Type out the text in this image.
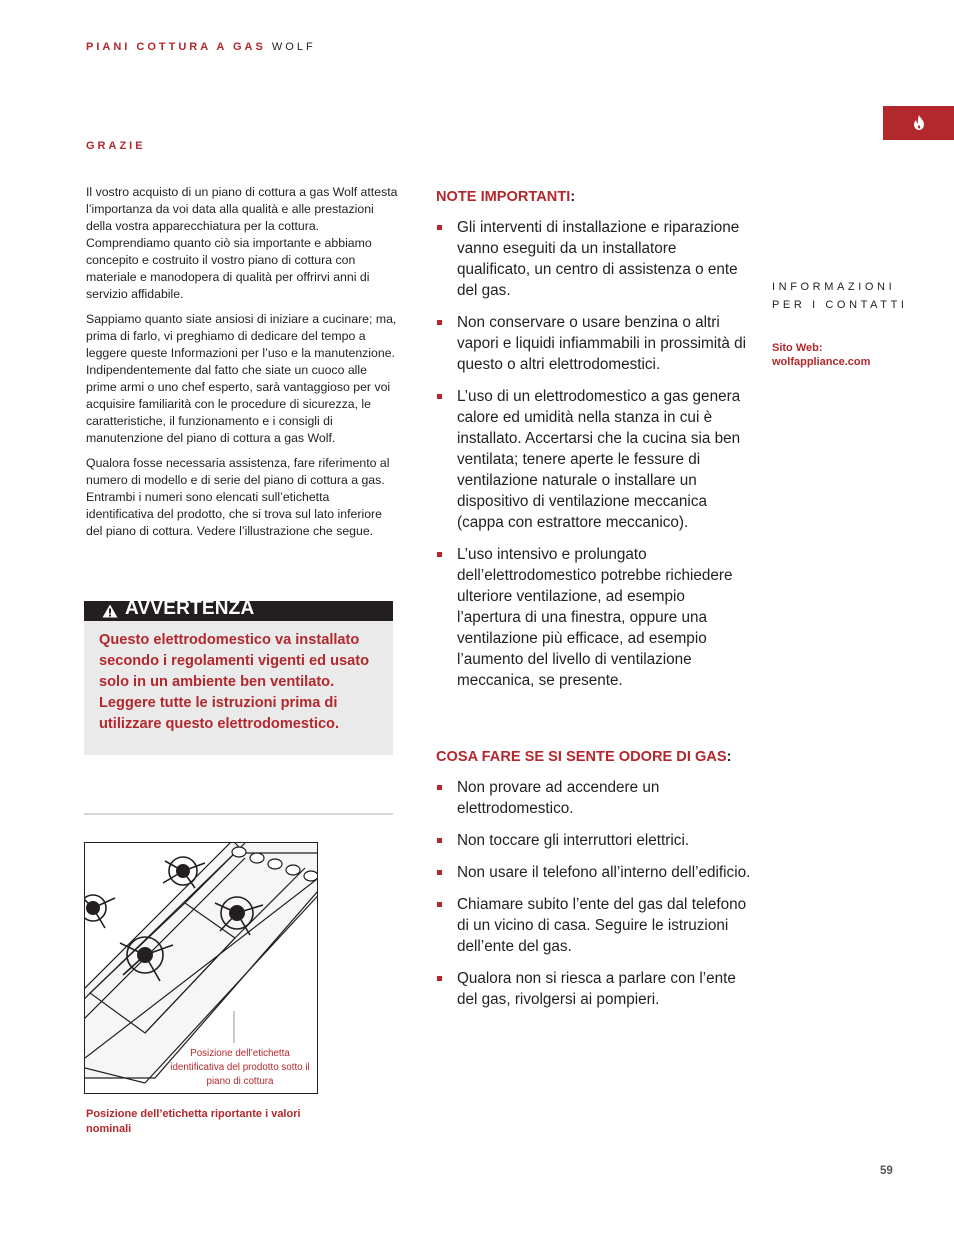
PIANI COTTURA A GAS WOLF
GRAZIE

Il vostro acquisto di un piano di cottura a gas Wolf attesta l’importanza da voi data alla qualità e alle prestazioni della vostra apparecchiatura per la cottura. Comprendiamo quanto ciò sia importante e abbiamo concepito e costruito il vostro piano di cottura con materiale e manodopera di qualità per offrirvi anni di servizio affidabile.

Sappiamo quanto siate ansiosi di iniziare a cucinare; ma, prima di farlo, vi preghiamo di dedicare del tempo a leggere queste Informazioni per l’uso e la manutenzione. Indipendentemente dal fatto che siate un cuoco alle prime armi o uno chef esperto, sarà vantaggioso per voi acquisire familiarità con le procedure di sicurezza, le caratteristiche, il funzionamento e i consigli di manutenzione del piano di cottura a gas Wolf.

Qualora fosse necessaria assistenza, fare riferimento al numero di modello e di serie del piano di cottura a gas. Entrambi i numeri sono elencati sull’etichetta identificativa del prodotto, che si trova sul lato inferiore del piano di cottura. Vedere l’illustrazione che segue.

AVVERTENZA
Questo elettrodomestico va installato secondo i regolamenti vigenti ed usato solo in un ambiente ben ventilato. Leggere tutte le istruzioni prima di utilizzare questo elettrodomestico.
Posizione dell’etichetta identificativa del prodotto sotto il piano di cottura
Posizione dell’etichetta riportante i valori nominali
NOTE IMPORTANTI:
Gli interventi di installazione e riparazione vanno eseguiti da un installatore qualificato, un centro di assistenza o ente del gas.
Non conservare o usare benzina o altri vapori e liquidi infiammabili in prossimità di questo o altri elettrodomestici.
L’uso di un elettrodomestico a gas genera calore ed umidità nella stanza in cui è installato. Accertarsi che la cucina sia ben ventilata; tenere aperte le fessure di ventilazione naturale o installare un dispositivo di ventilazione meccanica (cappa con estrattore meccanico).
L’uso intensivo e prolungato dell’elettrodomestico potrebbe richiedere ulteriore ventilazione, ad esempio l’apertura di una finestra, oppure una ventilazione più efficace, ad esempio l’aumento del livello di ventilazione meccanica, se presente.
COSA FARE SE SI SENTE ODORE DI GAS:
Non provare ad accendere un elettrodomestico.
Non toccare gli interruttori elettrici.
Non usare il telefono all’interno dell’edificio.
Chiamare subito l’ente del gas dal telefono di un vicino di casa. Seguire le istruzioni dell’ente del gas.
Qualora non si riesca a parlare con l’ente del gas, rivolgersi ai pompieri.
INFORMAZIONI
PER I CONTATTI
Sito Web:
wolfappliance.com
59
